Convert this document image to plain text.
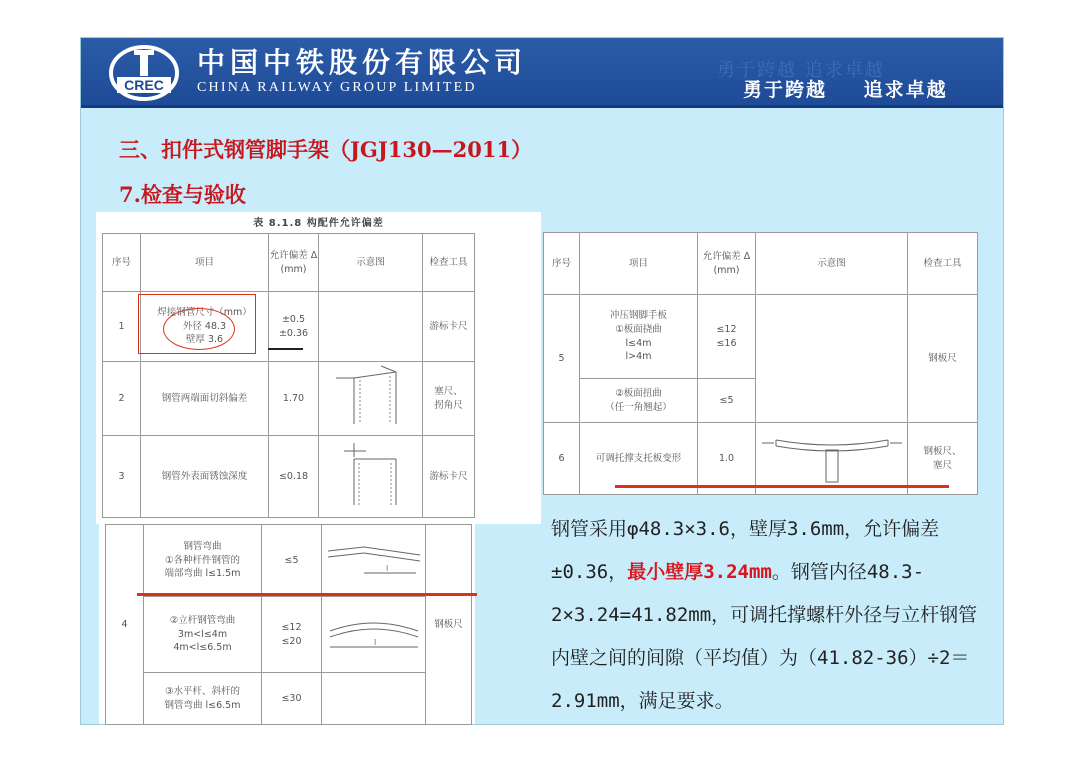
CREC
中国中铁股份有限公司
CHINA RAILWAY GROUP LIMITED
勇于跨越 追求卓越
勇于跨越 追求卓越
三、扣件式钢管脚手架（JGJ130—2011）
7.检查与验收
表 8.1.8 构配件允许偏差
序号	项目	允许偏差 Δ (mm)	示意图	检查工具
1	焊接钢管尺寸（mm）
外径 48.3
壁厚 3.6	±0.5
±0.36		游标卡尺
2	钢管两端面切斜偏差	1.70		塞尺、
拐角尺
3	钢管外表面锈蚀深度	≤0.18		游标卡尺
4	钢管弯曲
①各种杆件钢管的
端部弯曲 l≤1.5m	≤5	l	钢板尺
	②立杆钢管弯曲
3m<l≤4m
4m<l≤6.5m	≤12
≤20	l	

	③水平杆、斜杆的
钢管弯曲 l≤6.5m	≤30		
序号	项目	允许偏差 Δ (mm)	示意图	检查工具
5	冲压钢脚手板
①板面挠曲
l≤4m
l>4m	≤12
≤16		钢板尺
	②板面扭曲
（任一角翘起）	≤5		
6	可调托撑支托板变形	1.0		钢板尺、
塞尺
钢管采用φ48.3×3.6，壁厚3.6mm，允许偏差±0.36，最小壁厚3.24mm。钢管内径48.3-2×3.24=41.82mm，可调托撑螺杆外径与立杆钢管内壁之间的间隙（平均值）为（41.82-36）÷2＝2.91mm，满足要求。
